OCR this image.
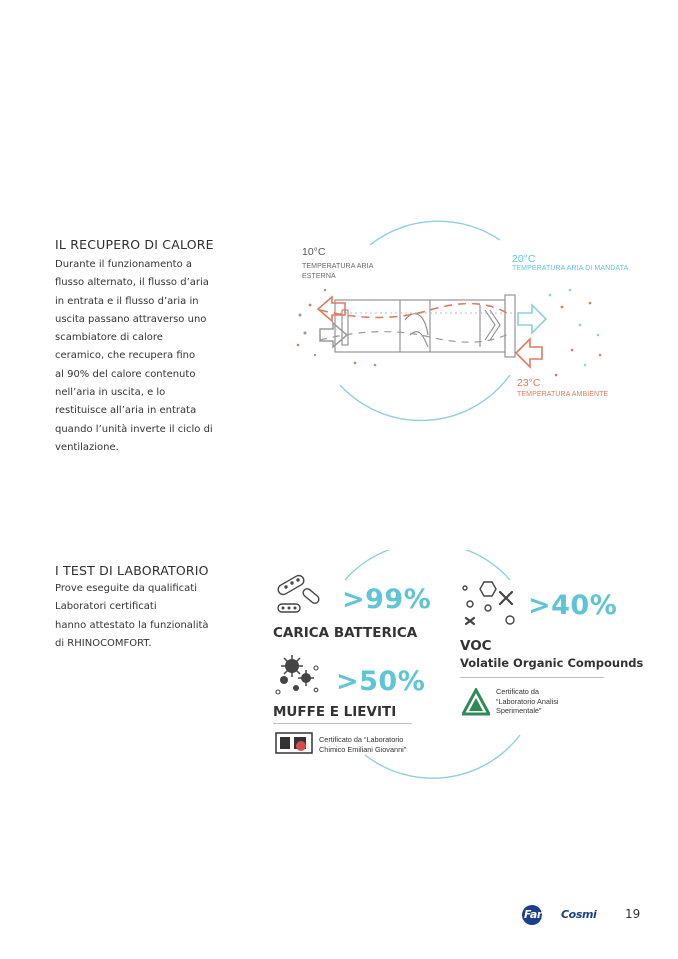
IL RECUPERO DI CALORE
Durante il funzionamento a
flusso alternato, il flusso d’aria
in entrata e il flusso d’aria in
uscita passano attraverso uno
scambiatore di calore
ceramico, che recupera fino
al 90% del calore contenuto
nell’aria in uscita, e lo
restituisce all’aria in entrata
quando l’unità inverte il ciclo di
ventilazione.
10°C
TEMPERATURA ARIA
ESTERNA
20°C
TEMPERATURA ARIA DI MANDATA
23°C
TEMPERATURA AMBIENTE
I TEST DI LABORATORIO
Prove eseguite da qualificati
Laboratori certificati
hanno attestato la funzionalità
di RHINOCOMFORT.
>99%
CARICA BATTERICA
>50%
MUFFE E LIEVITI
Certificato da “Laboratorio
Chimico Emiliani Giovanni”
>40%
VOC
Volatile Organic Compounds
Certificato da
“Laboratorio Analisi
Sperimentale”
Fantini
Cosmi 19
